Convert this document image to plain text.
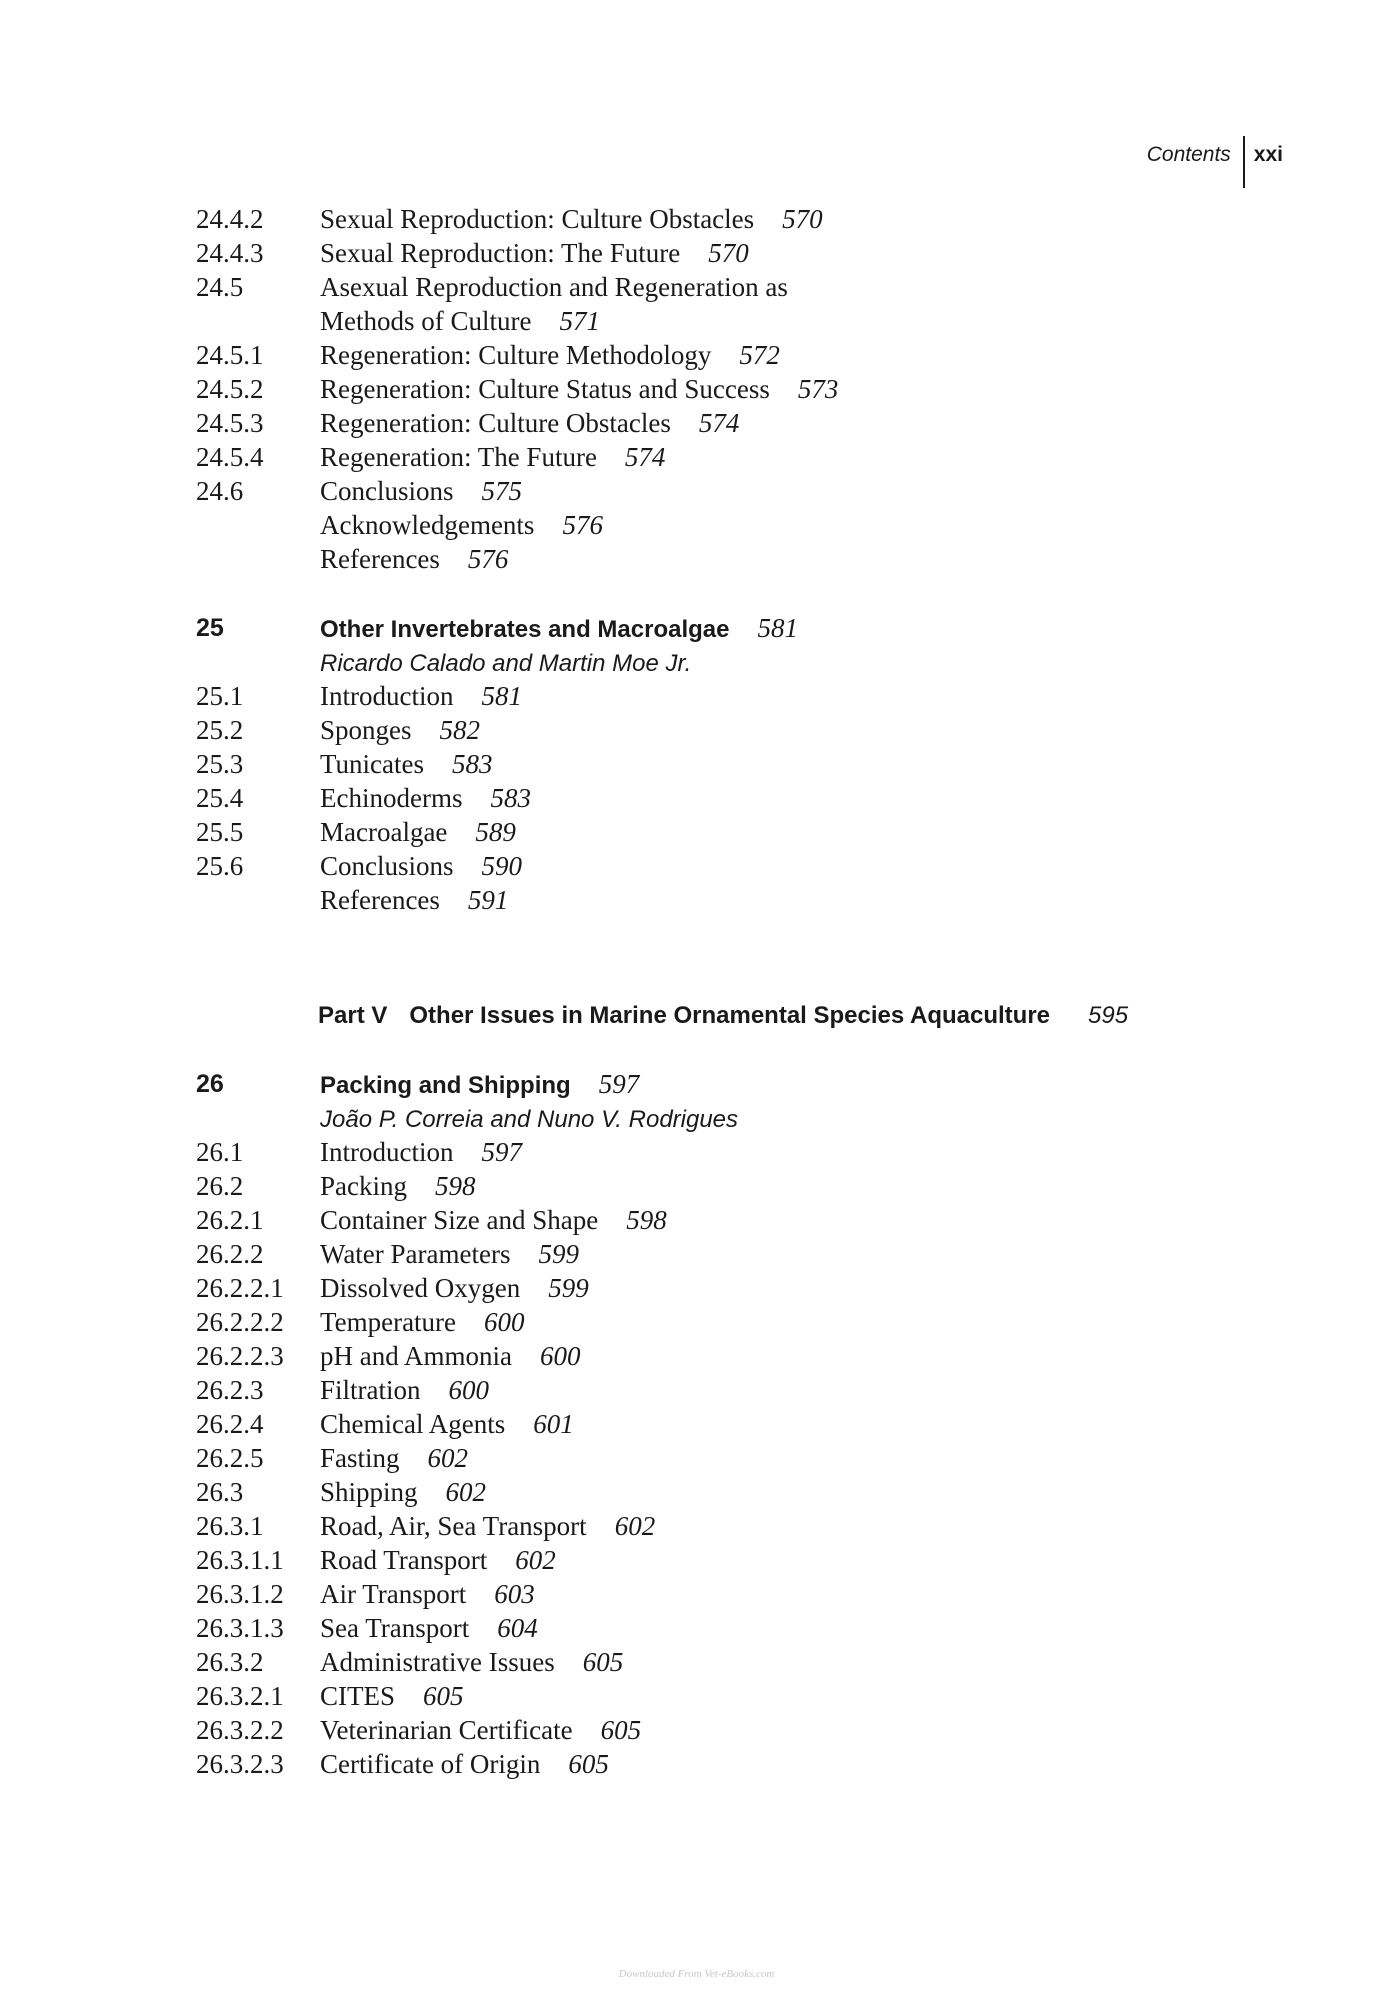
Contents	xxi
24.4.2 Sexual Reproduction: Culture Obstacles 570
24.4.3 Sexual Reproduction: The Future 570
24.5	Asexual Reproduction and Regeneration as
Methods of Culture 571
24.5.1 Regeneration: Culture Methodology 572
24.5.2 Regeneration: Culture Status and Success 573
24.5.3 Regeneration: Culture Obstacles 574
24.5.4 Regeneration: The Future 574
24.6	Conclusions 575
Acknowledgements 576
References 576
25	Other Invertebrates and Macroalgae 581
Ricardo Calado and Martin Moe Jr.
25.1	Introduction 581
25.2	Sponges 582
25.3	Tunicates 583
25.4	Echinoderms 583
25.5	Macroalgae 589
25.6	Conclusions 590
References 591
26	Packing and Shipping 597
João P. Correia and Nuno V. Rodrigues
26.1	Introduction 597
26.2	Packing 598
26.2.1 Container Size and Shape 598
26.2.2 Water Parameters 599
26.2.2.1 Dissolved Oxygen 599
26.2.2.2 Temperature 600
26.2.2.3 pH and Ammonia 600
26.2.3 Filtration 600
26.2.4 Chemical Agents 601
26.2.5 Fasting 602
26.3	Shipping 602
26.3.1 Road, Air, Sea Transport 602
26.3.1.1 Road Transport 602
26.3.1.2 Air Transport 603
26.3.1.3 Sea Transport 604
26.3.2 Administrative Issues 605
26.3.2.1 CITES 605
26.3.2.2 Veterinarian Certificate 605
26.3.2.3 Certificate of Origin 605
Part V Other Issues in Marine Ornamental Species Aquaculture 595
Downloaded From Vet-eBooks.com
